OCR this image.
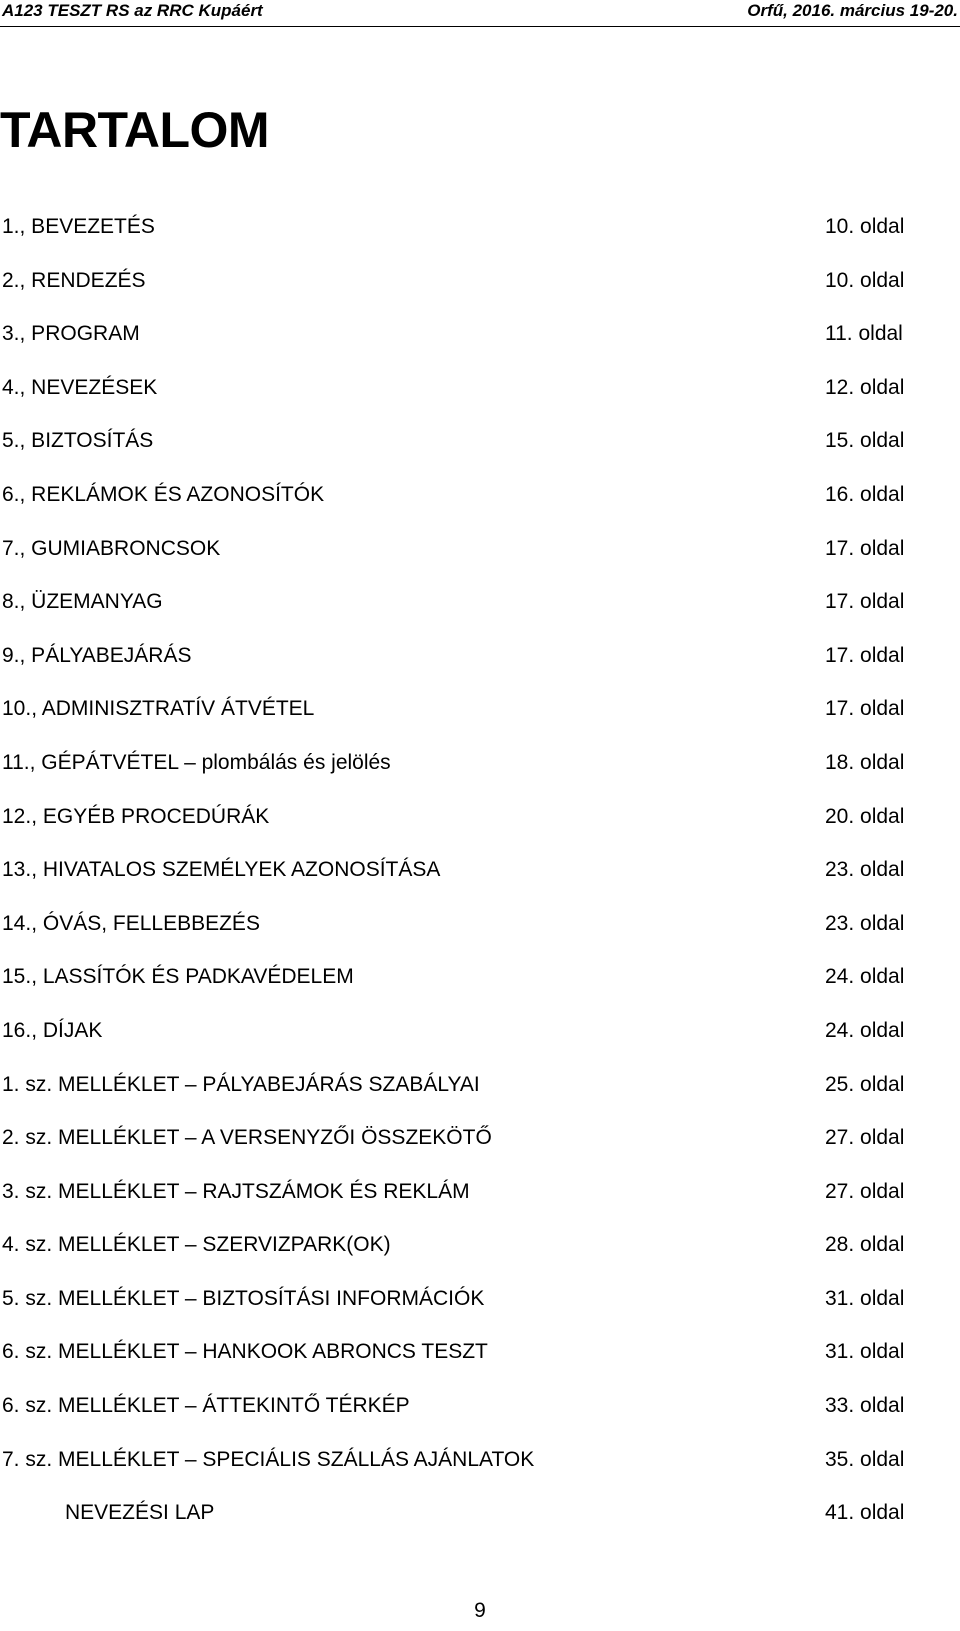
A123 TESZT RS az RRC Kupáért	Orfű, 2016. március 19-20.
TARTALOM
1., BEVEZETÉS	10. oldal
2., RENDEZÉS	10. oldal
3., PROGRAM	11. oldal
4., NEVEZÉSEK	12. oldal
5., BIZTOSÍTÁS	15. oldal
6., REKLÁMOK ÉS AZONOSÍTÓK	16. oldal
7., GUMIABRONCSOK	17. oldal
8., ÜZEMANYAG	17. oldal
9., PÁLYABEJÁRÁS	17. oldal
10., ADMINISZTRATÍV ÁTVÉTEL	17. oldal
11., GÉPÁTVÉTEL – plombálás és jelölés	18. oldal
12., EGYÉB PROCEDÚRÁK	20. oldal
13., HIVATALOS SZEMÉLYEK AZONOSÍTÁSA	23. oldal
14., ÓVÁS, FELLEBBEZÉS	23. oldal
15., LASSÍTÓK ÉS PADKAVÉDELEM	24. oldal
16., DÍJAK	24. oldal
1. sz. MELLÉKLET – PÁLYABEJÁRÁS SZABÁLYAI	25. oldal
2. sz. MELLÉKLET – A VERSENYZŐI ÖSSZEKÖTŐ	27. oldal
3. sz. MELLÉKLET – RAJTSZÁMOK ÉS REKLÁM	27. oldal
4. sz. MELLÉKLET – SZERVIZPARK(OK)	28. oldal
5. sz. MELLÉKLET – BIZTOSÍTÁSI INFORMÁCIÓK	31. oldal
6. sz. MELLÉKLET – HANKOOK ABRONCS TESZT	31. oldal
6. sz. MELLÉKLET – ÁTTEKINTŐ TÉRKÉP	33. oldal
7. sz. MELLÉKLET – SPECIÁLIS SZÁLLÁS AJÁNLATOK	35. oldal
NEVEZÉSI LAP	41. oldal
9
